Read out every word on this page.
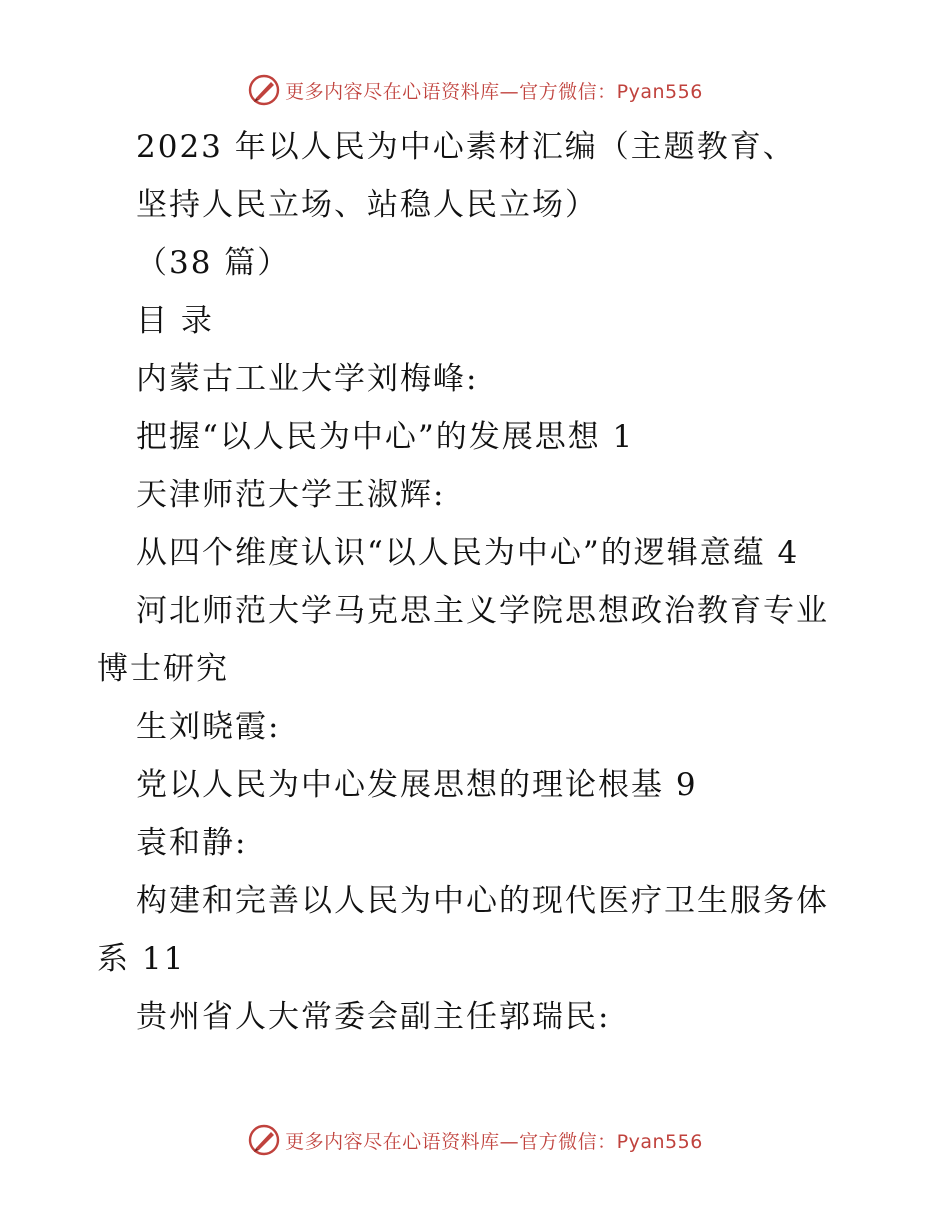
更多内容尽在心语资料库—官方微信：Pyan556
2023 年以人民为中心素材汇编（主题教育、
坚持人民立场、站稳人民立场）
（38 篇）
目 录
内蒙古工业大学刘梅峰:
把握“以人民为中心”的发展思想 1
天津师范大学王淑辉:
从四个维度认识“以人民为中心”的逻辑意蕴 4
河北师范大学马克思主义学院思想政治教育专业
博士研究
生刘晓霞:
党以人民为中心发展思想的理论根基 9
袁和静:
构建和完善以人民为中心的现代医疗卫生服务体
系 11
贵州省人大常委会副主任郭瑞民:
更多内容尽在心语资料库—官方微信：Pyan556
